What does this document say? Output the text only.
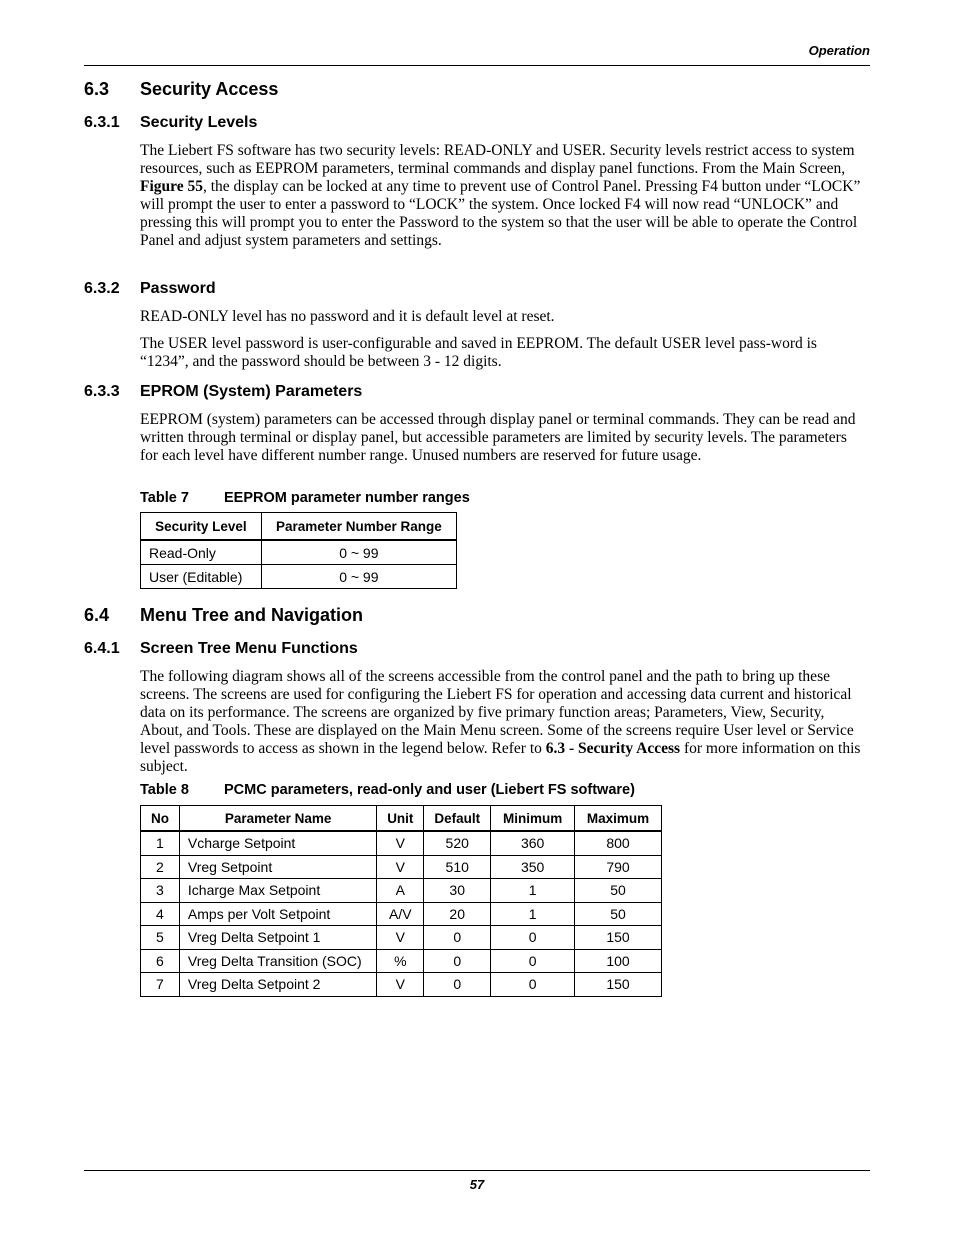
Operation
6.3 Security Access
6.3.1 Security Levels
The Liebert FS software has two security levels: READ-ONLY and USER. Security levels restrict access to system resources, such as EEPROM parameters, terminal commands and display panel functions. From the Main Screen, Figure 55, the display can be locked at any time to prevent use of Control Panel. Pressing F4 button under “LOCK” will prompt the user to enter a password to “LOCK” the system. Once locked F4 will now read “UNLOCK” and pressing this will prompt you to enter the Password to the system so that the user will be able to operate the Control Panel and adjust system parameters and settings.
6.3.2 Password
READ-ONLY level has no password and it is default level at reset.
The USER level password is user-configurable and saved in EEPROM. The default USER level pass-word is “1234”, and the password should be between 3 - 12 digits.
6.3.3 EPROM (System) Parameters
EEPROM (system) parameters can be accessed through display panel or terminal commands. They can be read and written through terminal or display panel, but accessible parameters are limited by security levels. The parameters for each level have different number range. Unused numbers are reserved for future usage.
Table 7 EEPROM parameter number ranges
Security Level	Parameter Number Range
Read-Only	0 ~ 99
User (Editable)	0 ~ 99
6.4 Menu Tree and Navigation
6.4.1 Screen Tree Menu Functions
The following diagram shows all of the screens accessible from the control panel and the path to bring up these screens. The screens are used for configuring the Liebert FS for operation and accessing data current and historical data on its performance. The screens are organized by five primary function areas; Parameters, View, Security, About, and Tools. These are displayed on the Main Menu screen. Some of the screens require User level or Service level passwords to access as shown in the legend below. Refer to 6.3 - Security Access for more information on this subject.
Table 8 PCMC parameters, read-only and user (Liebert FS software)
No	Parameter Name	Unit	Default	Minimum	Maximum
1	Vcharge Setpoint	V	520	360	800
2	Vreg Setpoint	V	510	350	790
3	Icharge Max Setpoint	A	30	1	50
4	Amps per Volt Setpoint	A/V	20	1	50
5	Vreg Delta Setpoint 1	V	0	0	150
6	Vreg Delta Transition (SOC)	%	0	0	100
7	Vreg Delta Setpoint 2	V	0	0	150
57
